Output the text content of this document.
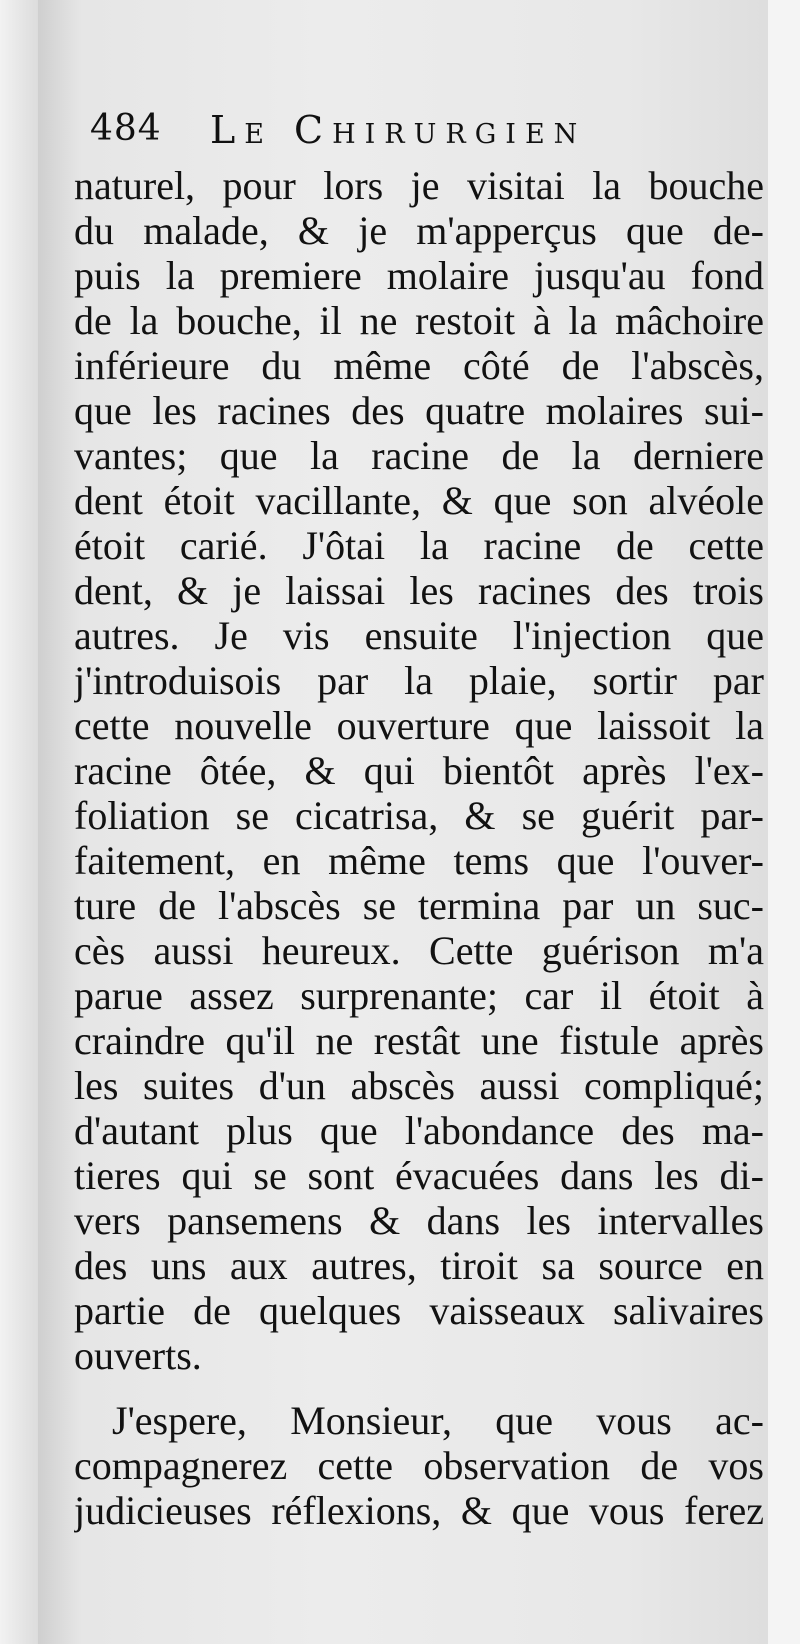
484 Le Chirurgien
naturel, pour lors je visitai la bouche
du malade, & je m'apperçus que de-
puis la premiere molaire jusqu'au fond
de la bouche, il ne restoit à la mâchoire
inférieure du même côté de l'abscès,
que les racines des quatre molaires sui-
vantes; que la racine de la derniere
dent étoit vacillante, & que son alvéole
étoit carié. J'ôtai la racine de cette
dent, & je laissai les racines des trois
autres. Je vis ensuite l'injection que
j'introduisois par la plaie, sortir par
cette nouvelle ouverture que laissoit la
racine ôtée, & qui bientôt après l'ex-
foliation se cicatrisa, & se guérit par-
faitement, en même tems que l'ouver-
ture de l'abscès se termina par un suc-
cès aussi heureux. Cette guérison m'a
parue assez surprenante; car il étoit à
craindre qu'il ne restât une fistule après
les suites d'un abscès aussi compliqué;
d'autant plus que l'abondance des ma-
tieres qui se sont évacuées dans les di-
vers pansemens & dans les intervalles
des uns aux autres, tiroit sa source en
partie de quelques vaisseaux salivaires
ouverts.
J'espere, Monsieur, que vous ac-
compagnerez cette observation de vos
judicieuses réflexions, & que vous ferez
